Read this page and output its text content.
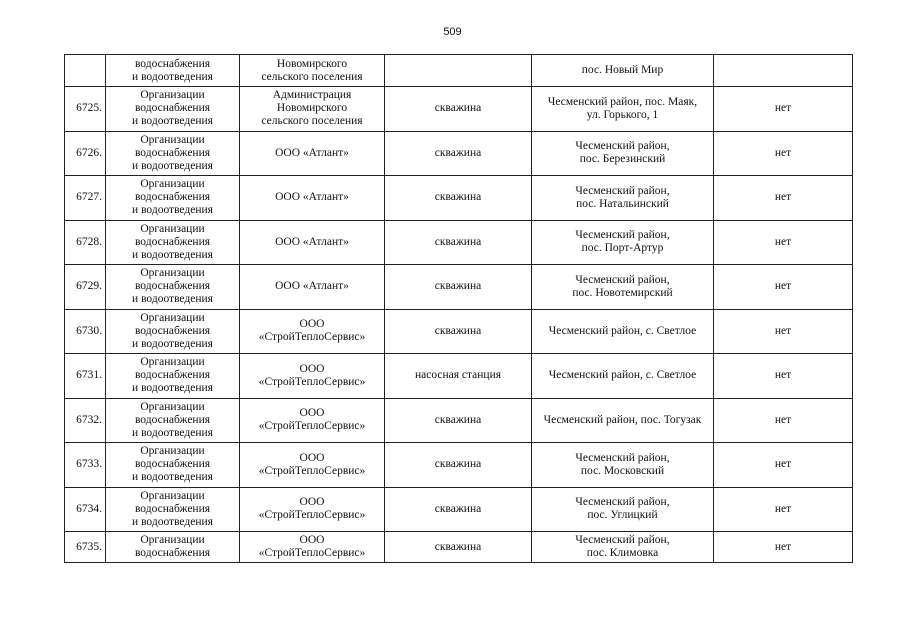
509

	водоснабжения
и водоотведения	Новомирского
сельского поселения		пос. Новый Мир	

6725.	Организации
водоснабжения
и водоотведения	Администрация
Новомирского
сельского поселения	скважина	Чесменский район, пос. Маяк,
ул. Горького, 1	нет
6726.	Организации
водоснабжения
и водоотведения	ООО «Атлант»	скважина	Чесменский район,
пос. Березинский	нет
6727.	Организации
водоснабжения
и водоотведения	ООО «Атлант»	скважина	Чесменский район,
пос. Натальинский	нет
6728.	Организации
водоснабжения
и водоотведения	ООО «Атлант»	скважина	Чесменский район,
пос. Порт-Артур	нет
6729.	Организации
водоснабжения
и водоотведения	ООО «Атлант»	скважина	Чесменский район,
пос. Новотемирский	нет
6730.	Организации
водоснабжения
и водоотведения	ООО
«СтройТеплоСервис»	скважина	Чесменский район, с. Светлое	нет
6731.	Организации
водоснабжения
и водоотведения	ООО
«СтройТеплоСервис»	насосная станция	Чесменский район, с. Светлое	нет
6732.	Организации
водоснабжения
и водоотведения	ООО
«СтройТеплоСервис»	скважина	Чесменский район, пос. Тогузак	нет
6733.	Организации
водоснабжения
и водоотведения	ООО
«СтройТеплоСервис»	скважина	Чесменский район,
пос. Московский	нет
6734.	Организации
водоснабжения
и водоотведения	ООО
«СтройТеплоСервис»	скважина	Чесменский район,
пос. Углицкий	нет
6735.	Организации
водоснабжения	ООО
«СтройТеплоСервис»	скважина	Чесменский район,
пос. Климовка	нет
